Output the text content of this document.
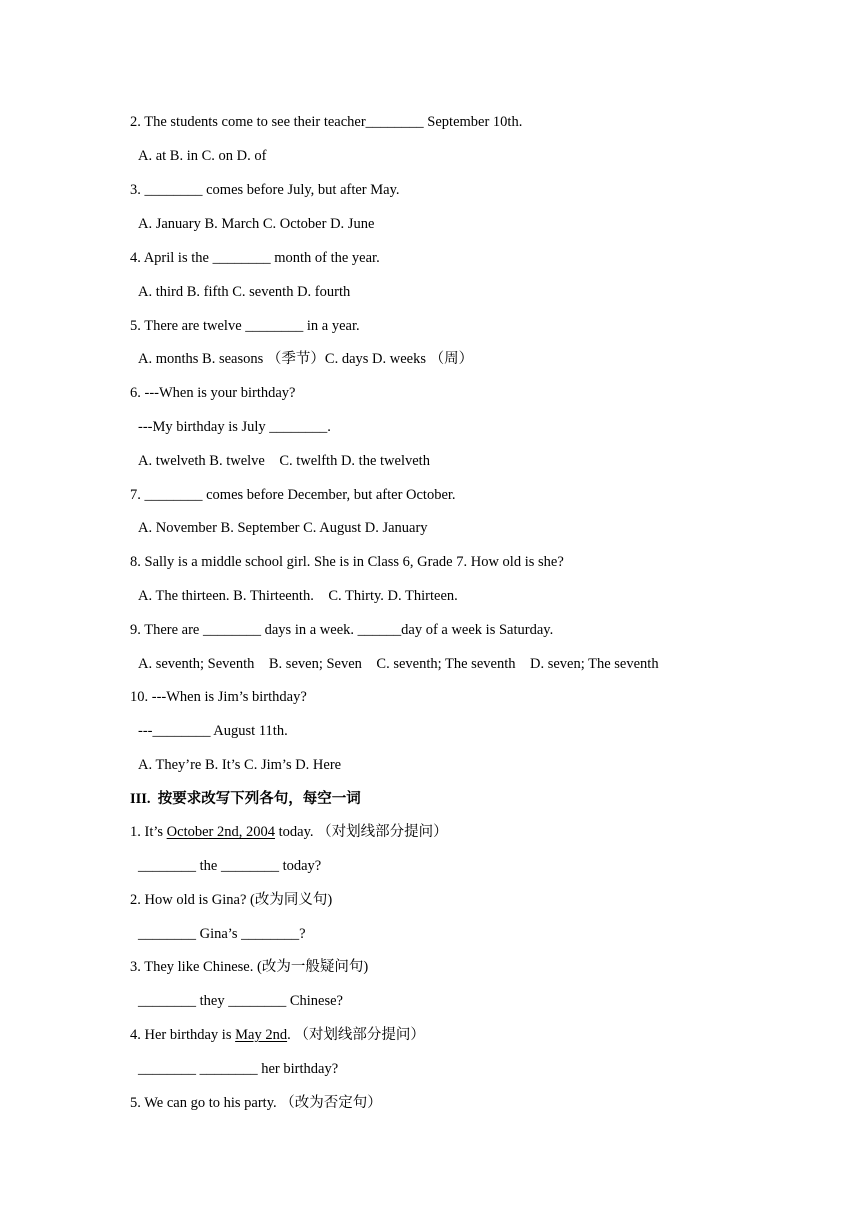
2. The students come to see their teacher________ September 10th.
A. at B. in C. on D. of
3. ________ comes before July, but after May.
A. January B. March C. October D. June
4. April is the ________ month of the year.
A. third B. fifth C. seventh D. fourth
5. There are twelve ________ in a year.
A. months B. seasons （季节）C. days D. weeks （周）
6. ---When is your birthday?
---My birthday is July ________.
A. twelveth B. twelve    C. twelfth D. the twelveth
7. ________ comes before December, but after October.
A. November B. September C. August D. January
8. Sally is a middle school girl. She is in Class 6, Grade 7. How old is she?
A. The thirteen. B. Thirteenth.    C. Thirty. D. Thirteen.
9. There are ________ days in a week. ______day of a week is Saturday.
A. seventh; Seventh    B. seven; Seven    C. seventh; The seventh    D. seven; The seventh
10. ---When is Jim’s birthday?
---________ August 11th.
A. They’re B. It’s C. Jim’s D. Here
III.  按要求改写下列各句，每空一词
1. It’s October 2nd, 2004 today. （对划线部分提问）
________ the ________ today?
2. How old is Gina? (改为同义句)
________ Gina’s ________?
3. They like Chinese. (改为一般疑问句)
________ they ________ Chinese?
4. Her birthday is May 2nd. （对划线部分提问）
________ ________ her birthday?
5. We can go to his party. （改为否定句）
